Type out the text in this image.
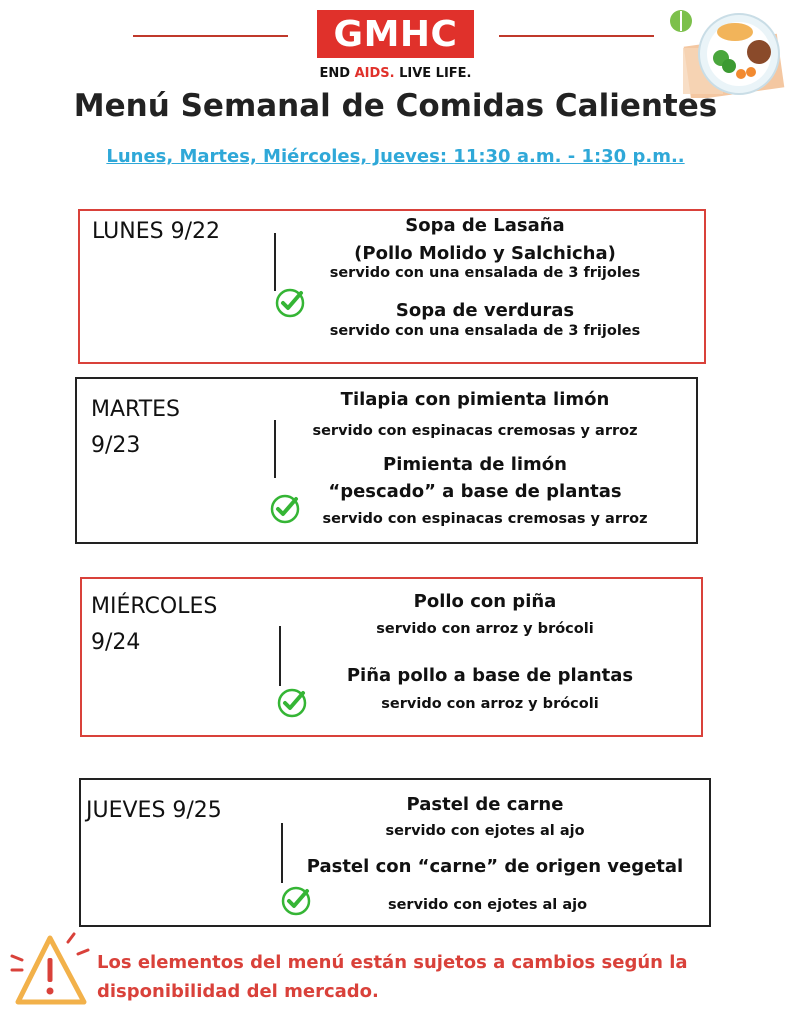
GMHC
END AIDS. LIVE LIFE.
Menú Semanal de Comidas Calientes
Lunes, Martes, Miércoles, Jueves: 11:30 a.m. - 1:30 p.m..
LUNES 9/22	Sopa de Lasaña
(Pollo Molido y Salchicha)
servido con una ensalada de 3 frijoles
Sopa de verduras
servido con una ensalada de 3 frijoles
MARTES
9/23
Tilapia con pimienta limón
servido con espinacas cremosas y arroz
Pimienta de limón
“pescado” a base de plantas
servido con espinacas cremosas y arroz
MIÉRCOLES
9/24
Pollo con piña
servido con arroz y brócoli
Piña pollo a base de plantas
servido con arroz y brócoli
JUEVES 9/25	Pastel de carne
servido con ejotes al ajo
Pastel con “carne” de origen vegetal
servido con ejotes al ajo
Los elementos del menú están sujetos a cambios según la
disponibilidad del mercado.
